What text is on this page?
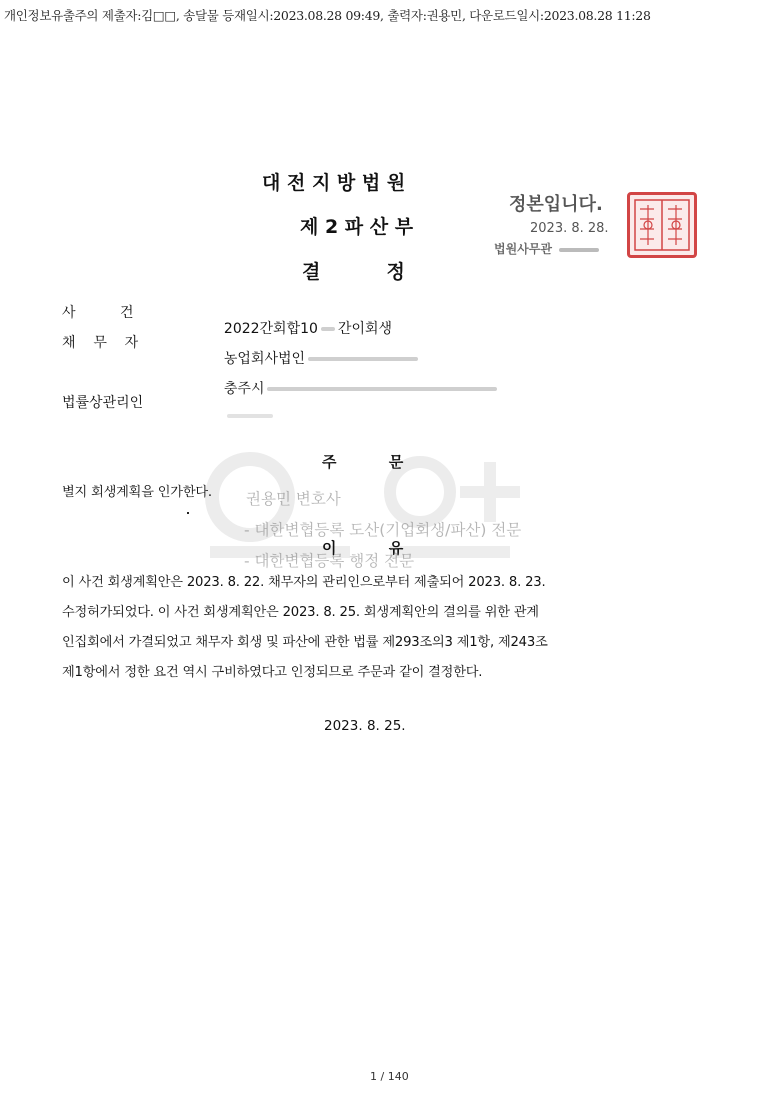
개인정보유출주의 제출자:김□□, 송달물 등재일시:2023.08.28 09:49, 출력자:권용민, 다운로드일시:2023.08.28 11:28
대 전 지 방 법 원
제 2 파 산 부
결          정
정본입니다.
2023. 8. 28.
법원사무관
사          건

2022간회합10 간이회생

채    무    자

농업회사법인

충주시

법률상관리인

주          문
별지 회생계획을 인가한다. 권용민 변호사
- 대한변협등록 도산(기업회생/파산) 전문
- 대한변협등록 행정 전문
이          유
이 사건 회생계획안은 2023. 8. 22. 채무자의 관리인으로부터 제출되어 2023. 8. 23.
수정허가되었다. 이 사건 회생계획안은 2023. 8. 25. 회생계획안의 결의를 위한 관계
인집회에서 가결되었고 채무자 회생 및 파산에 관한 법률 제293조의3 제1항, 제243조
제1항에서 정한 요건 역시 구비하였다고 인정되므로 주문과 같이 결정한다.
2023. 8. 25.
1 / 140
